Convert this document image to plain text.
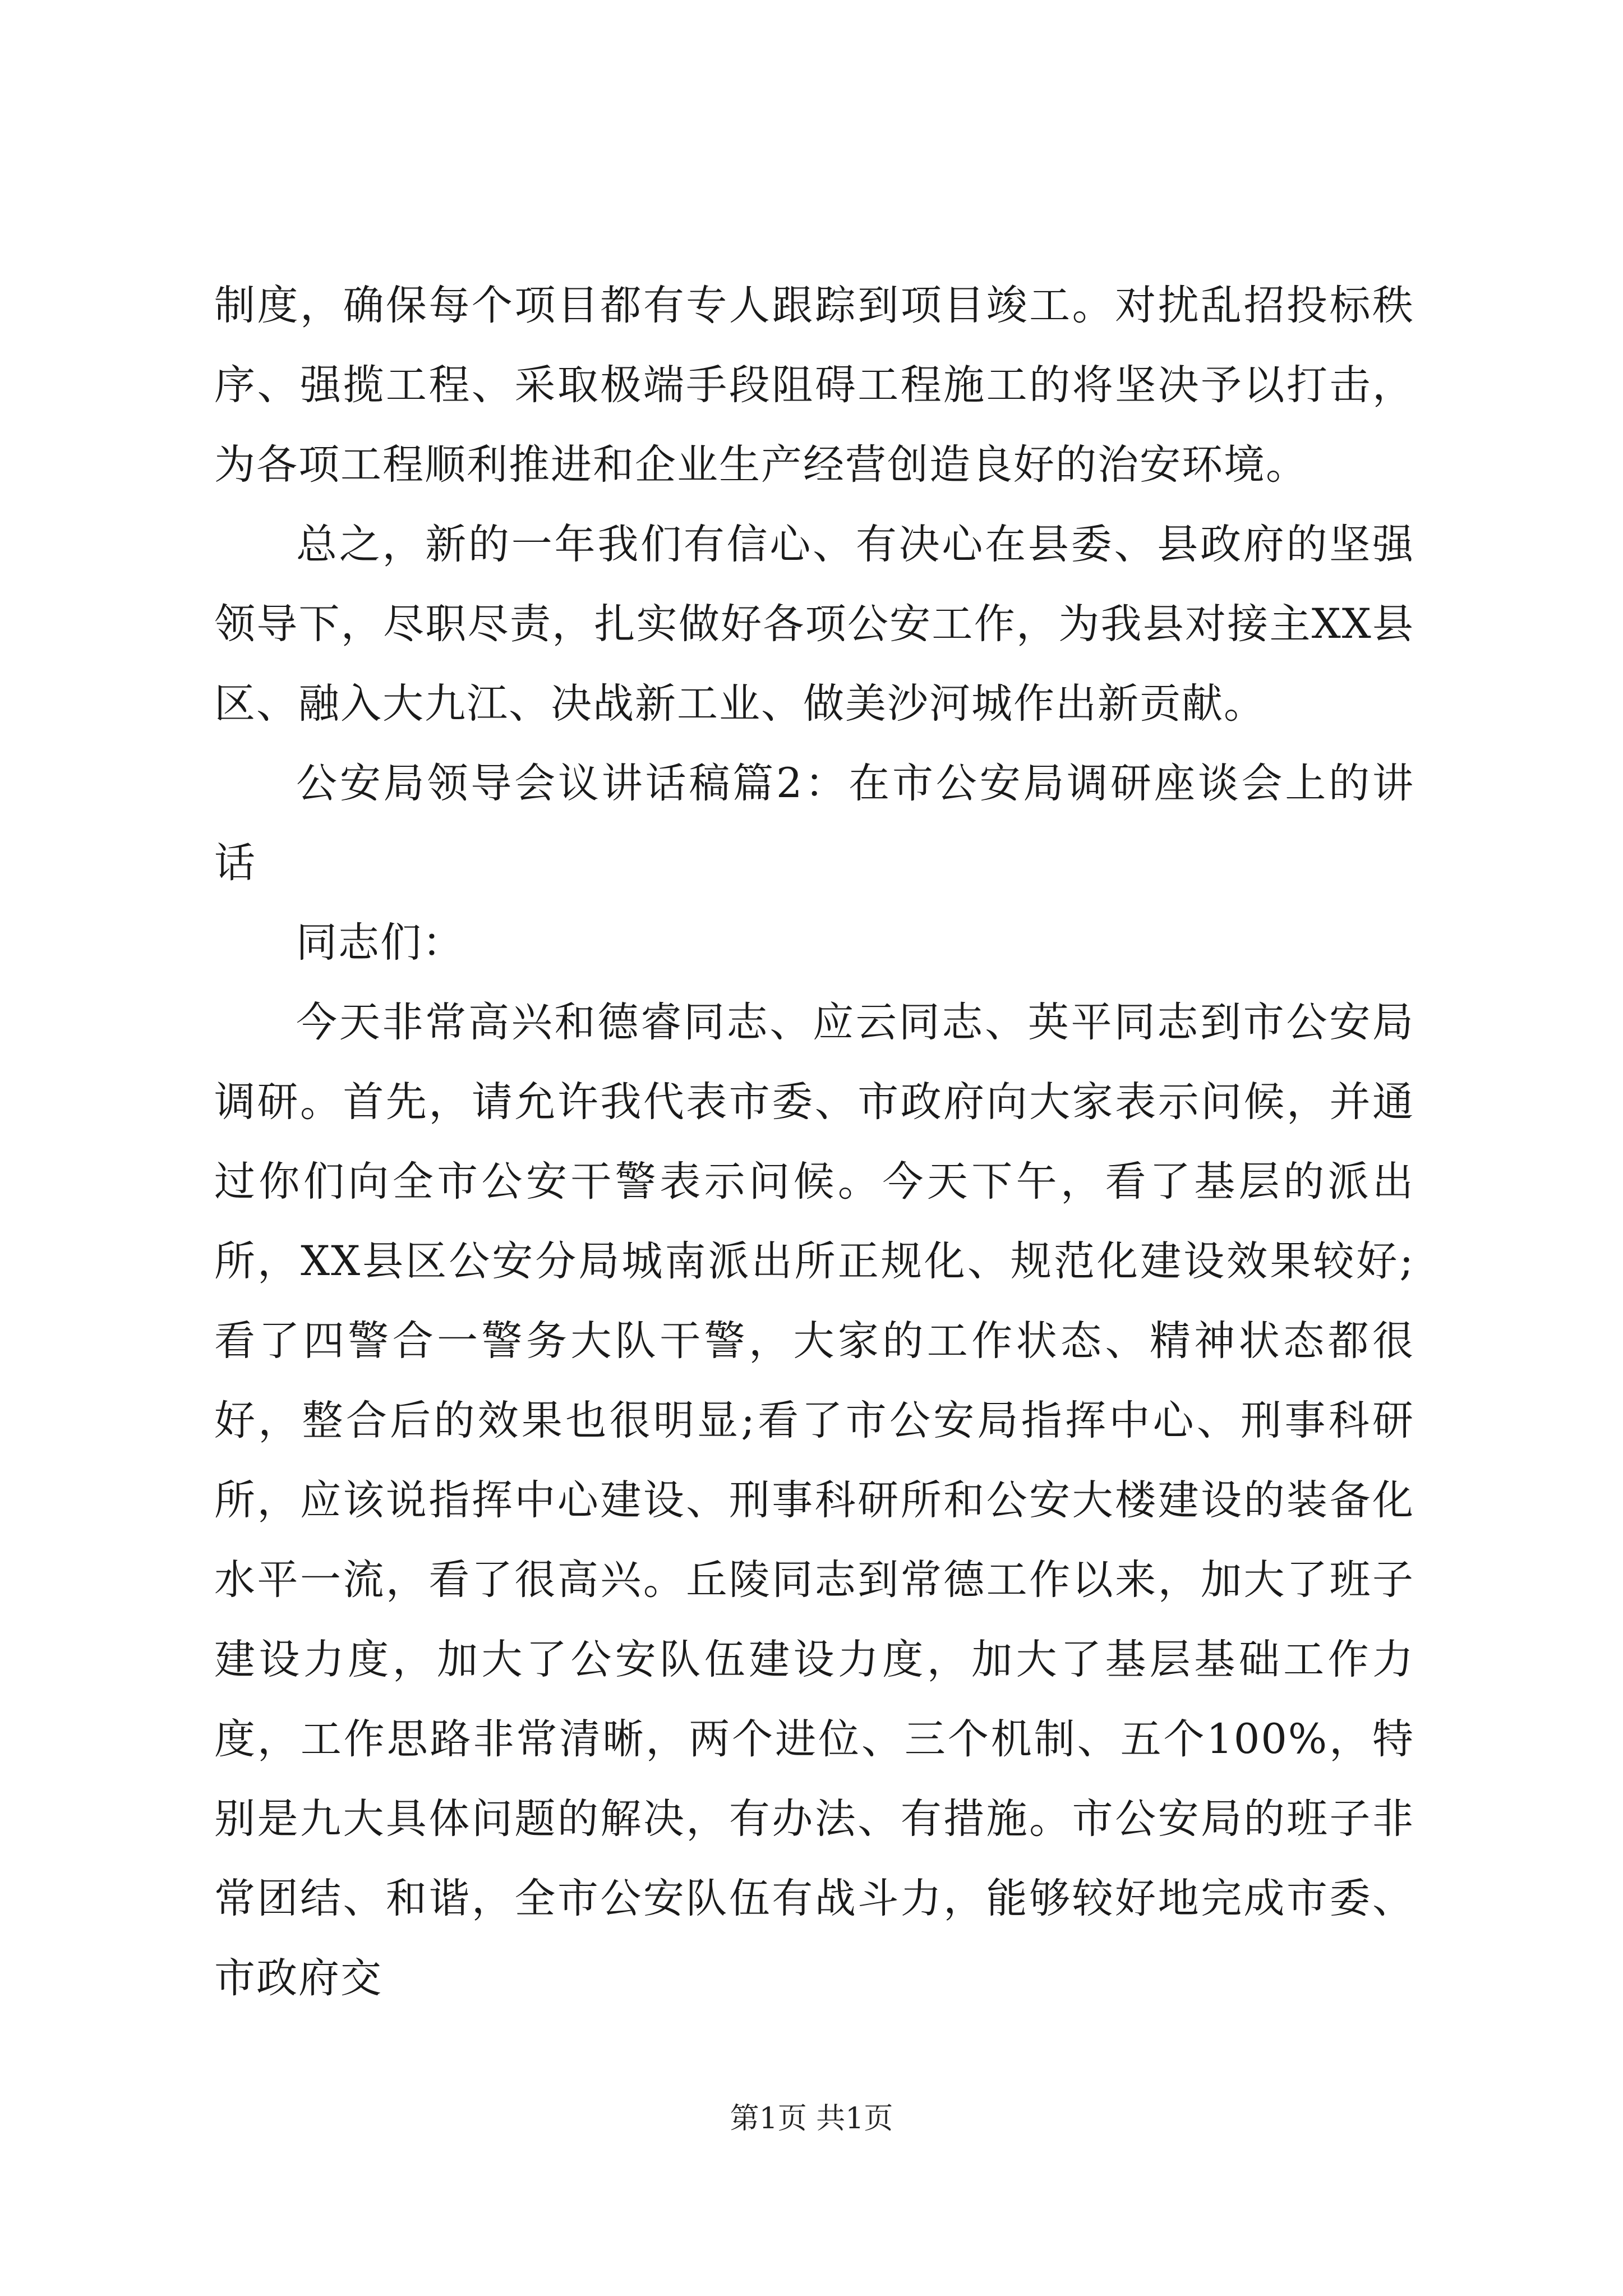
制度，确保每个项目都有专人跟踪到项目竣工。对扰乱招投标秩序、强揽工程、采取极端手段阻碍工程施工的将坚决予以打击，为各项工程顺利推进和企业生产经营创造良好的治安环境。

总之，新的一年我们有信心、有决心在县委、县政府的坚强领导下，尽职尽责，扎实做好各项公安工作，为我县对接主XX县区、融入大九江、决战新工业、做美沙河城作出新贡献。

公安局领导会议讲话稿篇2：在市公安局调研座谈会上的讲话

同志们：

今天非常高兴和德睿同志、应云同志、英平同志到市公安局调研。首先，请允许我代表市委、市政府向大家表示问候，并通过你们向全市公安干警表示问候。今天下午，看了基层的派出所，XX县区公安分局城南派出所正规化、规范化建设效果较好;看了四警合一警务大队干警，大家的工作状态、精神状态都很好，整合后的效果也很明显;看了市公安局指挥中心、刑事科研所，应该说指挥中心建设、刑事科研所和公安大楼建设的装备化水平一流，看了很高兴。丘陵同志到常德工作以来，加大了班子建设力度，加大了公安队伍建设力度，加大了基层基础工作力度，工作思路非常清晰，两个进位、三个机制、五个100%，特别是九大具体问题的解决，有办法、有措施。市公安局的班子非常团结、和谐，全市公安队伍有战斗力，能够较好地完成市委、市政府交

第1页 共1页
